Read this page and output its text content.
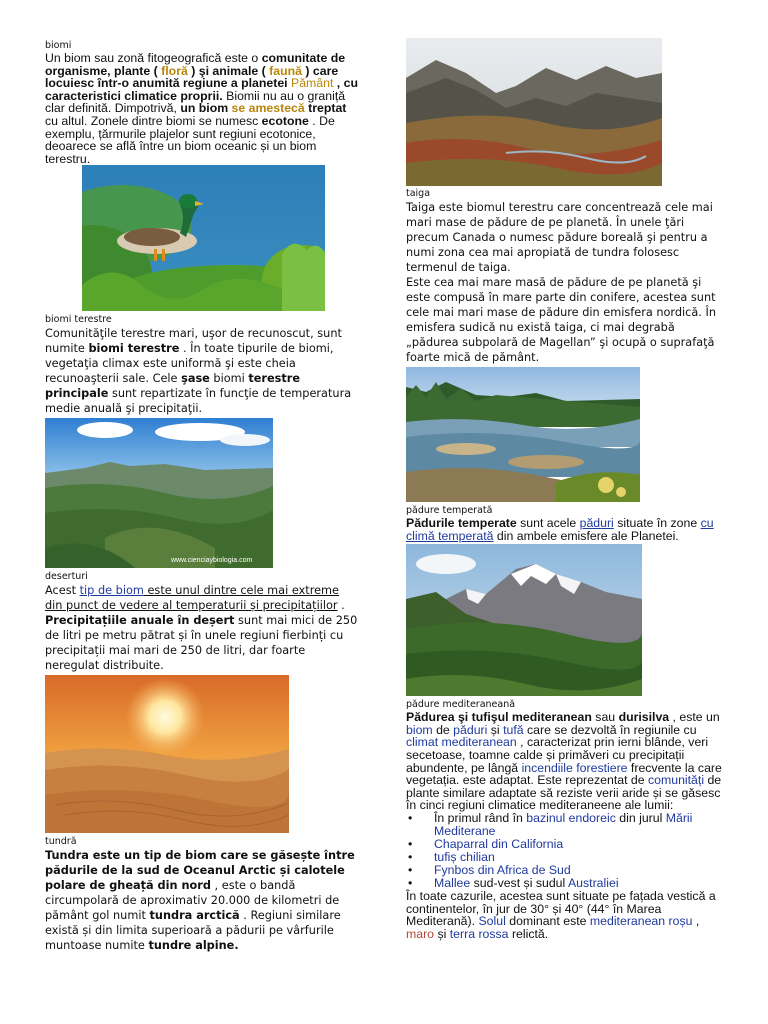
biomi

Un biom sau zonă fitogeografică este o comunitate de organisme, plante ( floră ) şi animale ( faună ) care locuiesc într-o anumită regiune a planetei Pământ , cu caracteristici climatice proprii. Biomii nu au o graniță clar definită. Dimpotrivă, un biom se amestecă treptat cu altul. Zonele dintre biomi se numesc ecotone . De exemplu, țărmurile plajelor sunt regiuni ecotonice, deoarece se află între un biom oceanic și un biom terestru.

biomi terestre

Comunităţile terestre mari, uşor de recunoscut, sunt numite biomi terestre . În toate tipurile de biomi, vegetaţia climax este uniformă şi este cheia recunoaşterii sale. Cele şase biomi terestre principale sunt repartizate în funcţie de temperatura medie anuală şi precipitaţii.

www.cienciaybiologia.com

deserturi

Acest tip de biom este unul dintre cele mai extreme din punct de vedere al temperaturii și precipitațiilor . Precipitațiile anuale în deșert sunt mai mici de 250 de litri pe metru pătrat și în unele regiuni fierbinți cu precipitații mai mari de 250 de litri, dar foarte neregulat distribuite.

tundră

Tundra este un tip de biom care se găsește între pădurile de la sud de Oceanul Arctic și calotele polare de gheață din nord , este o bandă circumpolară de aproximativ 20.000 de kilometri de pământ gol numit tundra arctică . Regiuni similare există și din limita superioară a pădurii pe vârfurile muntoase numite tundre alpine.

taiga

Taiga este biomul terestru care concentrează cele mai mari mase de pădure de pe planetă. În unele ţări precum Canada o numesc pădure boreală şi pentru a numi zona cea mai apropiată de tundra folosesc termenul de taiga.

Este cea mai mare masă de pădure de pe planetă şi este compusă în mare parte din conifere, acestea sunt cele mai mari mase de pădure din emisfera nordică. În emisfera sudică nu există taiga, ci mai degrabă „pădurea subpolară de Magellan” şi ocupă o suprafaţă foarte mică de pământ.

pădure temperată

Pădurile temperate sunt acele păduri situate în zone cu climă temperată din ambele emisfere ale Planetei.

pădure mediteraneană

Pădurea şi tufişul mediteranean sau durisilva , este un biom de păduri și tufă care se dezvoltă în regiunile cu climat mediteranean , caracterizat prin ierni blânde, veri secetoase, toamne calde și primăveri cu precipitații abundente, pe lângă incendiile forestiere frecvente la care vegetația. este adaptat. Este reprezentat de comunități de plante similare adaptate să reziste verii aride și se găsesc în cinci regiuni climatice mediteraneene ale lumii:

• În primul rând în bazinul endoreic din jurul Mării Mediterane
• Chaparral din California
• tufiș chilian
• Fynbos din Africa de Sud
• Mallee sud-vest și sudul Australiei

În toate cazurile, acestea sunt situate pe fațada vestică a continentelor, în jur de 30° și 40° (44° în Marea Mediterană). Solul dominant este mediteranean roșu , maro și terra rossa relictă.
